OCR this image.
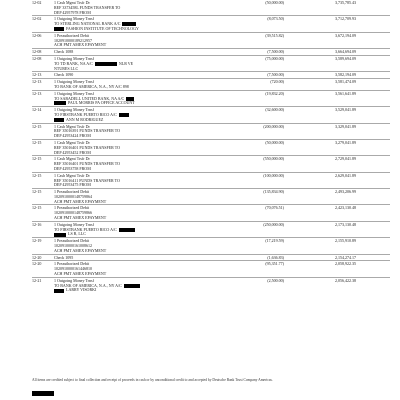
12-02	1 Cash Mgmt Trsfr Dr
REF 3373458L FUNDS TRANSFER TO
DEP 42957978 FROM
(50,000.00)	3,735,785.43
12-02	1 Outgoing Money Trnsf
TO STERLING NATIONAL BANK A/C
FASHION INSTITUTE OF TECHNOLOGY
(8,073.50)	3,712,709.93
12-06	1 Preauthorized Debit
1020910000189212957
ACH PMT AMEX EPAYMENT
(39,515.82)	3,672,194.09
12-08	Check 1088	(7,500.00)	3,664,694.09
12-08	1 Outgoing Money Trnsf
TO TD BANK, NA A/C	NLR VE
NTURES LLC
(75,000.00)	3,589,694.09
12-13	Check 1090	(7,500.00)	3,582,194.09
12-13	1 Outgoing Money Trnsf
TO BANK OF AMERICA, N.A., NY A/C 898
(720.00)	3,581,474.09
12-13	1 Outgoing Money Trnsf
TO SABADELL UNITED BANK, NA A/C
PAUL MORRIS PA OFFICE ACCOUNT
(19,832.20)	3,561,641.89
12-14	1 Outgoing Money Trnsf
TO FIRSTBANK PUERTO RICO A/C
ANN M RODRIGUEZ
(32,600.00)	3,529,041.89
12-15	1 Cash Mgmt Trsfr Dr
REF 35016391 FUNDS TRANSFER TO
DEP 42953424 FROM
(200,000.00)	3,329,041.89
12-15	1 Cash Mgmt Trsfr Dr
REF 35016401 FUNDS TRANSFER TO
DEP 42953452 FROM
(50,000.00)	3,279,041.89
12-15	1 Cash Mgmt Trsfr Dr
REF 35016401 FUNDS TRANSFER TO
DEP 42953758 FROM
(550,000.00)	2,729,041.89
12-15	1 Cash Mgmt Trsfr Dr
REF 35016411 FUNDS TRANSFER TO
DEP 42953475 FROM
(100,000.00)	2,629,041.89
12-15	1 Preauthorized Debit
1020910000148759864
ACH PMT AMEX EPAYMENT
(135,834.90)	2,493,206.99
12-15	1 Preauthorized Debit
1020910000148759866
ACH PMT AMEX EPAYMENT
(70,076.51)	2,423,130.48
12-16	1 Outgoing Money Trnsf
TO FIRSTBANK PUERTO RICO A/C
LS B, LLC
(250,000.00)	2,173,130.48
12-19	1 Preauthorized Debit
1020910000161008612
ACH PMT AMEX EPAYMENT
(17,219.59)	2,155,910.89
12-20	Check 1095	(1,636.83)	2,154,274.17
12-20	1 Preauthorized Debit
1020910000161446810
ACH PMT AMEX EPAYMENT
(95,351.77)	2,058,922.35
12-21	1 Outgoing Money Trnsf
TO BANK OF AMERICA, N.A., NY A/C
LARRY VISORKI
(2,500.00)	2,056,422.38
All items are credited subject to final collection and receipt of proceeds in cash or by unconditional credit to and accepted by Deutsche Bank Trust Company Americas.
